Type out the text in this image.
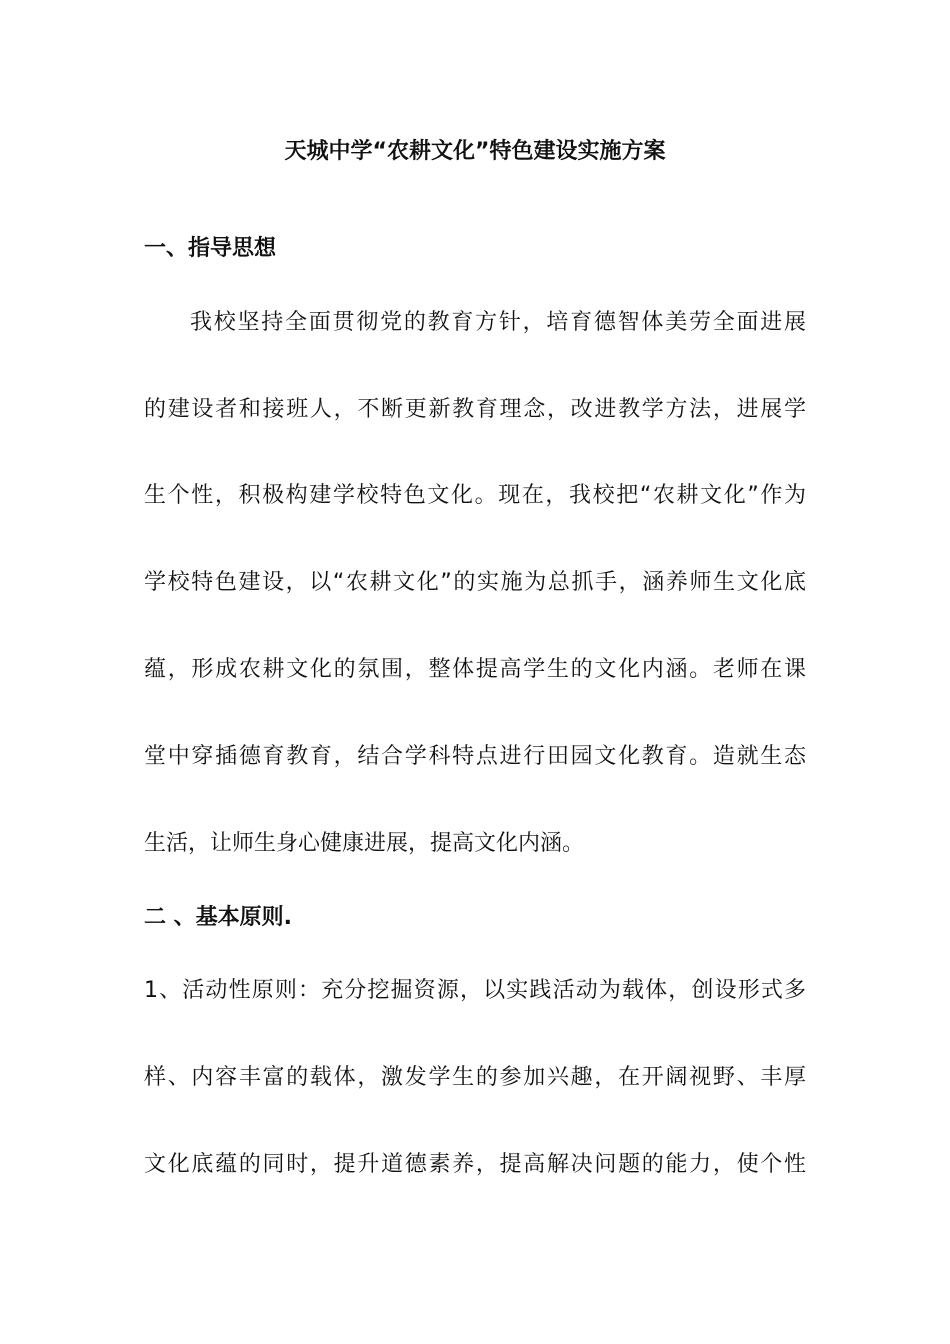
天城中学“农耕文化”特色建设实施方案
一、指导思想
我校坚持全面贯彻党的教育方针，培育德智体美劳全面进展
的建设者和接班人，不断更新教育理念，改进教学方法，进展学
生个性，积极构建学校特色文化。现在，我校把“农耕文化”作为
学校特色建设，以“农耕文化”的实施为总抓手，涵养师生文化底
蕴，形成农耕文化的氛围，整体提高学生的文化内涵。老师在课
堂中穿插德育教育，结合学科特点进行田园文化教育。造就生态
生活，让师生身心健康进展，提高文化内涵。
二 、基本原则.
1、活动性原则：充分挖掘资源，以实践活动为载体，创设形式多
样、内容丰富的载体，激发学生的参加兴趣，在开阔视野、丰厚
文化底蕴的同时，提升道德素养，提高解决问题的能力，使个性
